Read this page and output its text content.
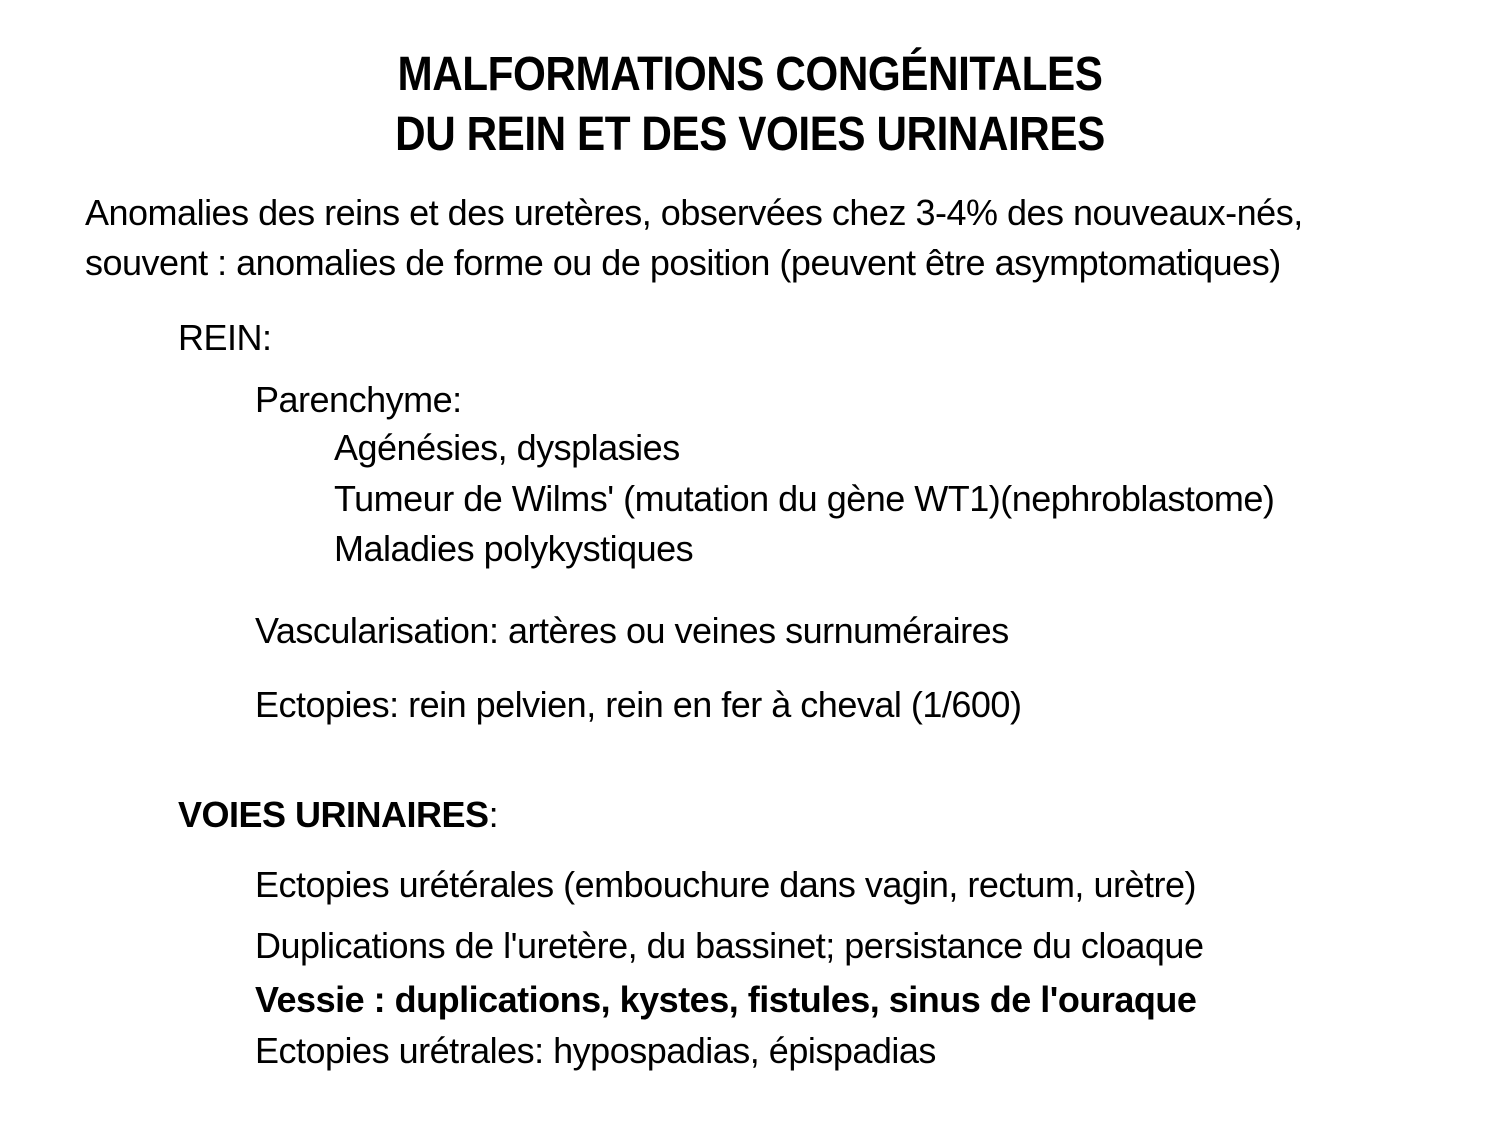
MALFORMATIONS CONGÉNITALES
DU REIN ET DES VOIES URINAIRES
Anomalies des reins et des uretères, observées chez 3-4% des nouveaux-nés,
souvent : anomalies de forme ou de position (peuvent être asymptomatiques)
REIN:
Parenchyme:
Agénésies, dysplasies
Tumeur de Wilms' (mutation du gène WT1)(nephroblastome)
Maladies polykystiques
Vascularisation: artères ou veines surnuméraires
Ectopies: rein pelvien, rein en fer à cheval (1/600)
VOIES URINAIRES:
Ectopies urétérales (embouchure dans vagin, rectum, urètre)
Duplications de l'uretère, du bassinet; persistance du cloaque
Vessie : duplications, kystes, fistules, sinus de l'ouraque
Ectopies urétrales: hypospadias, épispadias
